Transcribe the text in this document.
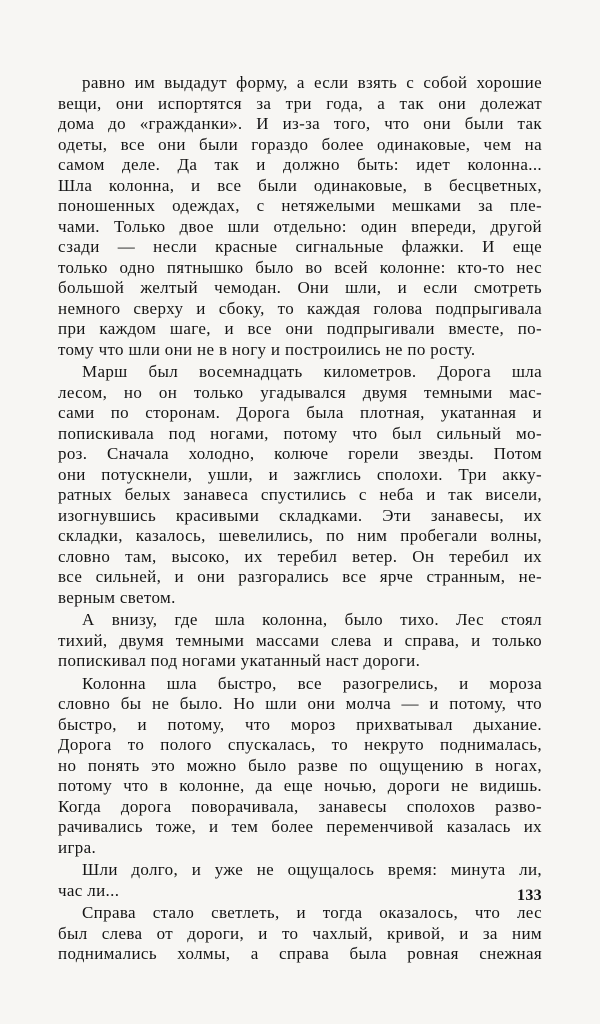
равно им выдадут форму, а если взять с собой хорошие
вещи, они испортятся за три года, а так они долежат
дома до «гражданки». И из-за того, что они были так
одеты, все они были гораздо более одинаковые, чем на
самом деле. Да так и должно быть: идет колонна...
Шла колонна, и все были одинаковые, в бесцветных,
поношенных одеждах, с нетяжелыми мешками за пле-
чами. Только двое шли отдельно: один впереди, другой
сзади — несли красные сигнальные флажки. И еще
только одно пятнышко было во всей колонне: кто-то нес
большой желтый чемодан. Они шли, и если смотреть
немного сверху и сбоку, то каждая голова подпрыгивала
при каждом шаге, и все они подпрыгивали вместе, по-
тому что шли они не в ногу и построились не по росту.
Марш был восемнадцать километров. Дорога шла
лесом, но он только угадывался двумя темными мас-
сами по сторонам. Дорога была плотная, укатанная и
попискивала под ногами, потому что был сильный мо-
роз. Сначала холодно, колюче горели звезды. Потом
они потускнели, ушли, и зажглись сполохи. Три акку-
ратных белых занавеса спустились с неба и так висели,
изогнувшись красивыми складками. Эти занавесы, их
складки, казалось, шевелились, по ним пробегали волны,
словно там, высоко, их теребил ветер. Он теребил их
все сильней, и они разгорались все ярче странным, не-
верным светом.
А внизу, где шла колонна, было тихо. Лес стоял
тихий, двумя темными массами слева и справа, и только
попискивал под ногами укатанный наст дороги.
Колонна шла быстро, все разогрелись, и мороза
словно бы не было. Но шли они молча — и потому, что
быстро, и потому, что мороз прихватывал дыхание.
Дорога то полого спускалась, то некруто поднималась,
но понять это можно было разве по ощущению в ногах,
потому что в колонне, да еще ночью, дороги не видишь.
Когда дорога поворачивала, занавесы сполохов разво-
рачивались тоже, и тем более переменчивой казалась их
игра.
Шли долго, и уже не ощущалось время: минута ли,
час ли...
Справа стало светлеть, и тогда оказалось, что лес
был слева от дороги, и то чахлый, кривой, и за ним
поднимались холмы, а справа была ровная снежная
133
